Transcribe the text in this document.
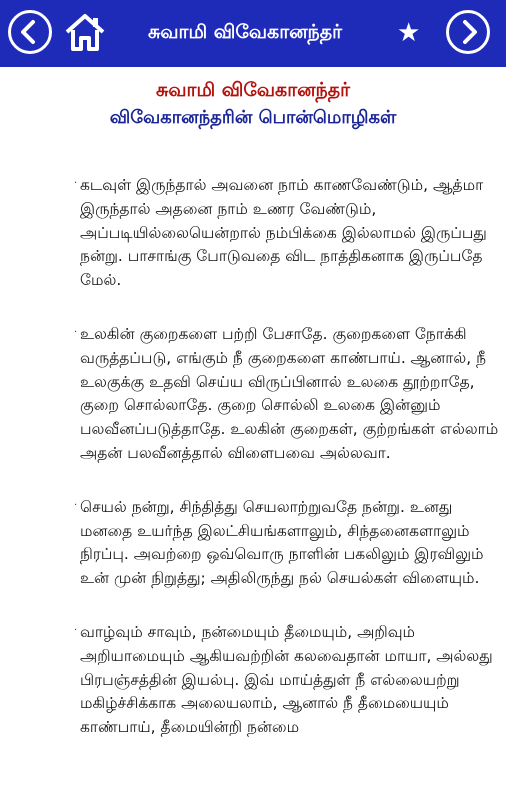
சுவாமி விவேகானந்தர்	★
சுவாமி விவேகானந்தர்
விவேகானந்தரின் பொன்மொழிகள்
· கடவுள் இருந்தால் அவனை நாம் காணவேண்டும், ஆத்மா இருந்தால் அதனை நாம் உணர வேண்டும், அப்படியில்லையென்றால் நம்பிக்கை இல்லாமல் இருப்பது நன்று. பாசாங்கு போடுவதை விட நாத்திகனாக இருப்பதே மேல்.
· உலகின் குறைகளை பற்றி பேசாதே. குறைகளை நோக்கி வருத்தப்படு, எங்கும் நீ குறைகளை காண்பாய். ஆனால், நீ உலகுக்கு உதவி செய்ய விருப்பினால் உலகை தூற்றாதே, குறை சொல்லாதே. குறை சொல்லி உலகை இன்னும் பலவீனப்படுத்தாதே. உலகின் குறைகள், குற்றங்கள் எல்லாம் அதன் பலவீனத்தால் விளைபவை அல்லவா.
· செயல் நன்று, சிந்தித்து செயலாற்றுவதே நன்று. உனது மனதை உயர்ந்த இலட்சியங்களாலும், சிந்தனைகளாலும் நிரப்பு. அவற்றை ஒவ்வொரு நாளின் பகலிலும் இரவிலும் உன் முன் நிறுத்து; அதிலிருந்து நல் செயல்கள் விளையும்.
· வாழ்வும் சாவும், நன்மையும் தீமையும், அறிவும் அறியாமையும் ஆகியவற்றின் கலவைதான் மாயா, அல்லது பிரபஞ்சத்தின் இயல்பு. இவ் மாய்த்துள் நீ எல்லையற்று மகிழ்ச்சிக்காக அலையலாம், ஆனால் நீ தீமையையும் காண்பாய், தீமையின்றி நன்மை
